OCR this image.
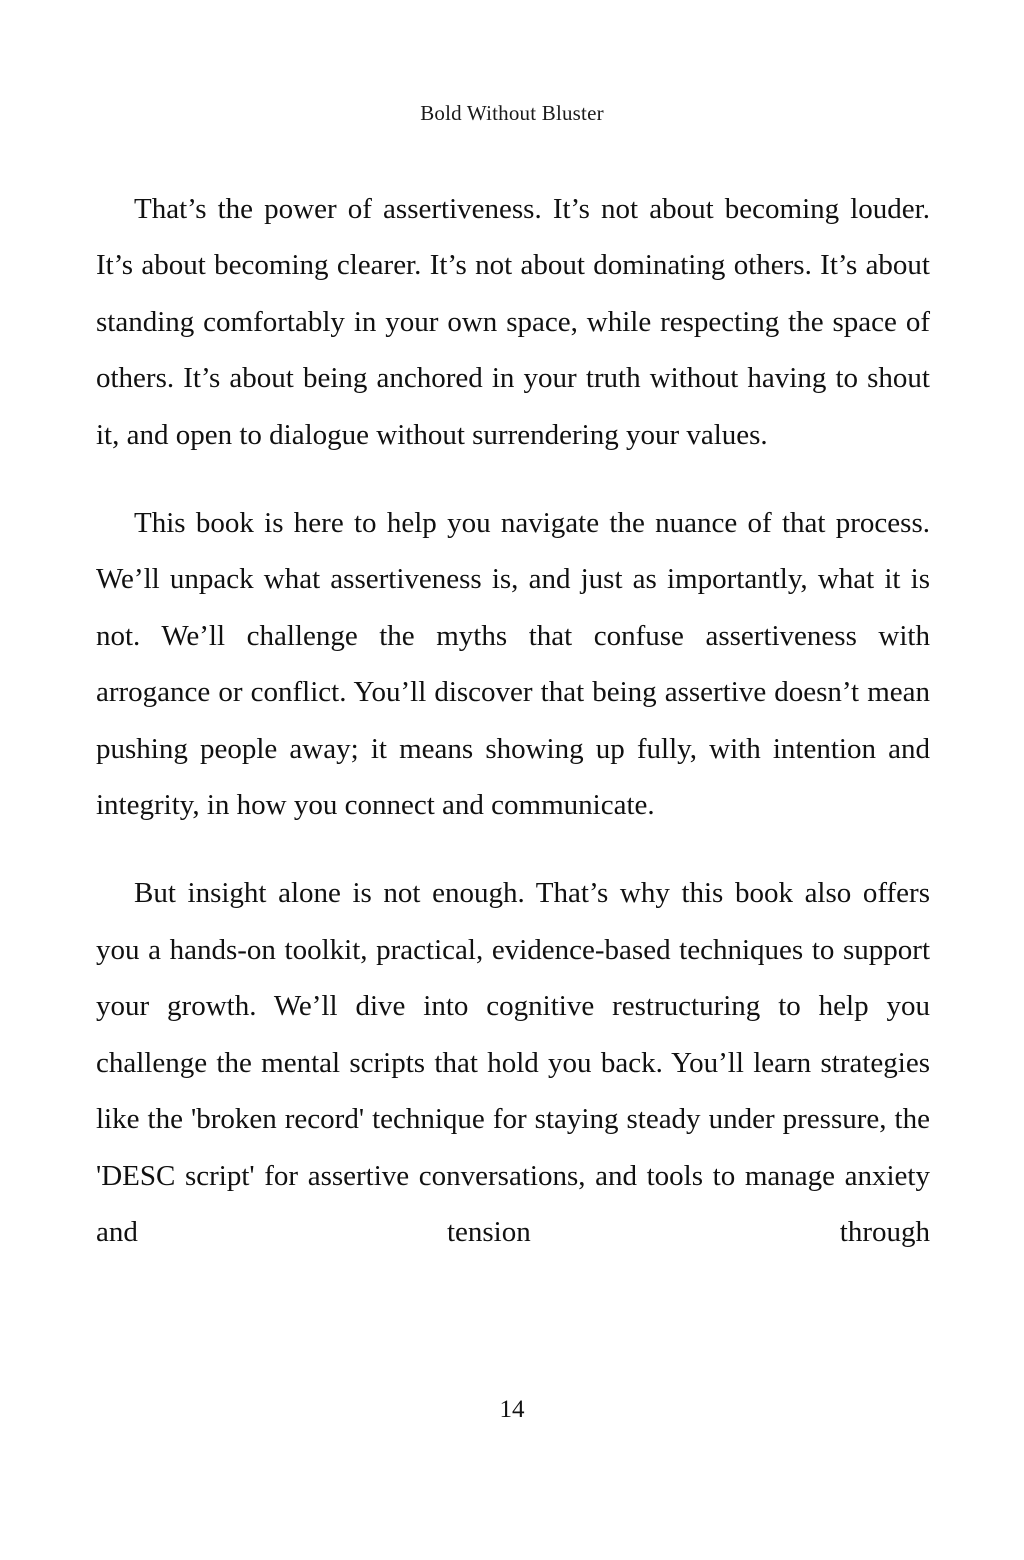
Bold Without Bluster

That’s the power of assertiveness. It’s not about becoming louder. It’s about becoming clearer. It’s not about dominating others. It’s about standing comfortably in your own space, while respecting the space of others. It’s about being anchored in your truth without having to shout it, and open to dialogue without surrendering your values.

This book is here to help you navigate the nuance of that process. We’ll unpack what assertiveness is, and just as importantly, what it is not. We’ll challenge the myths that confuse assertiveness with arrogance or conflict. You’ll discover that being assertive doesn’t mean pushing people away; it means showing up fully, with intention and integrity, in how you connect and communicate.

But insight alone is not enough. That’s why this book also offers you a hands-on toolkit, practical, evidence-based techniques to support your growth. We’ll dive into cognitive restructuring to help you challenge the mental scripts that hold you back. You’ll learn strategies like the 'broken record' technique for staying steady under pressure, the 'DESC script' for assertive conversations, and tools to manage anxiety and tension through

14
